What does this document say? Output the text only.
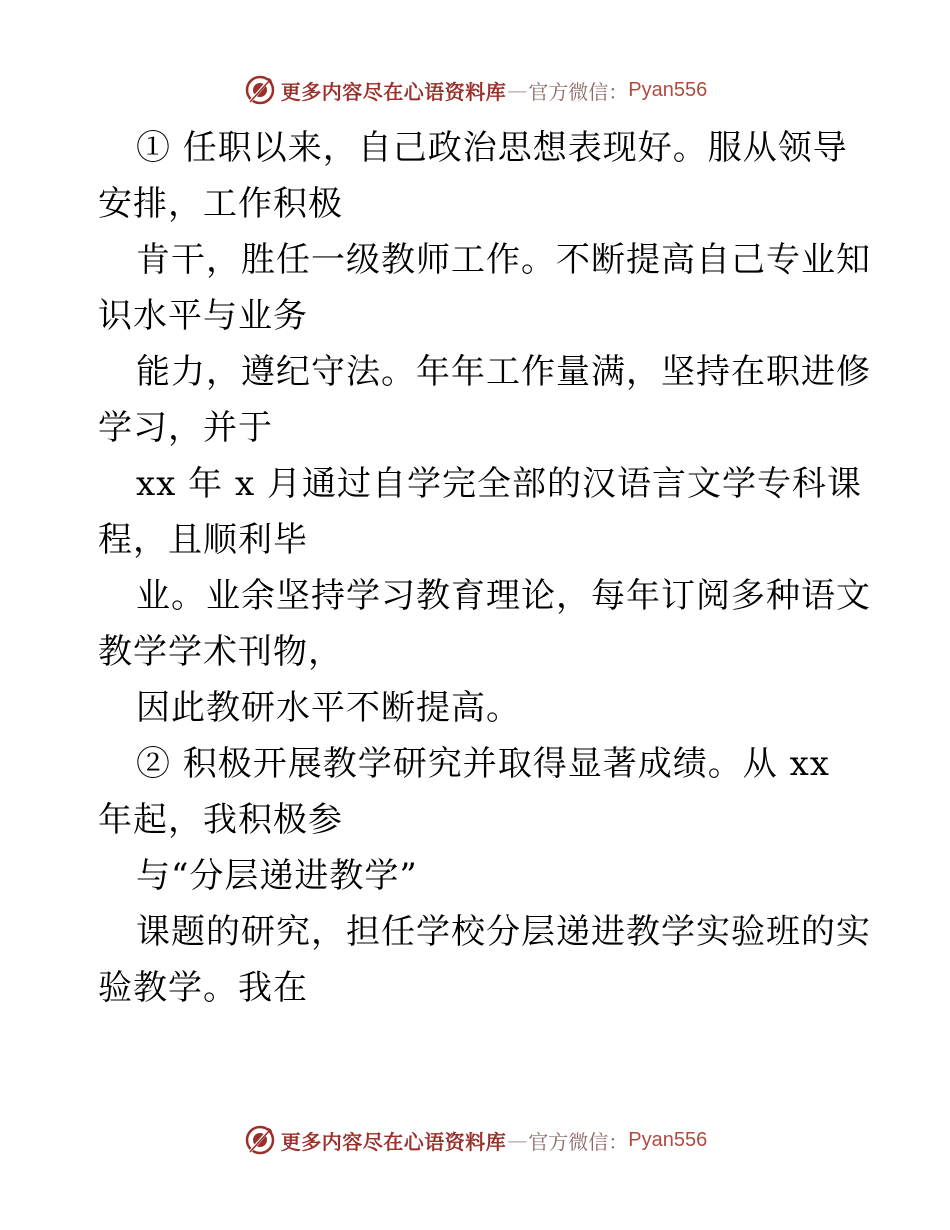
更多内容尽在心语资料库 — 官方微信： Pyan556
① 任职以来，自己政治思想表现好。服从领导
安排，工作积极
肯干，胜任一级教师工作。不断提高自己专业知
识水平与业务
能力，遵纪守法。年年工作量满，坚持在职进修
学习，并于
xx 年 x 月通过自学完全部的汉语言文学专科课
程，且顺利毕
业。业余坚持学习教育理论，每年订阅多种语文
教学学术刊物，
因此教研水平不断提高。
② 积极开展教学研究并取得显著成绩。从 xx
年起，我积极参
与“分层递进教学”
课题的研究，担任学校分层递进教学实验班的实
验教学。我在
更多内容尽在心语资料库 — 官方微信： Pyan556
